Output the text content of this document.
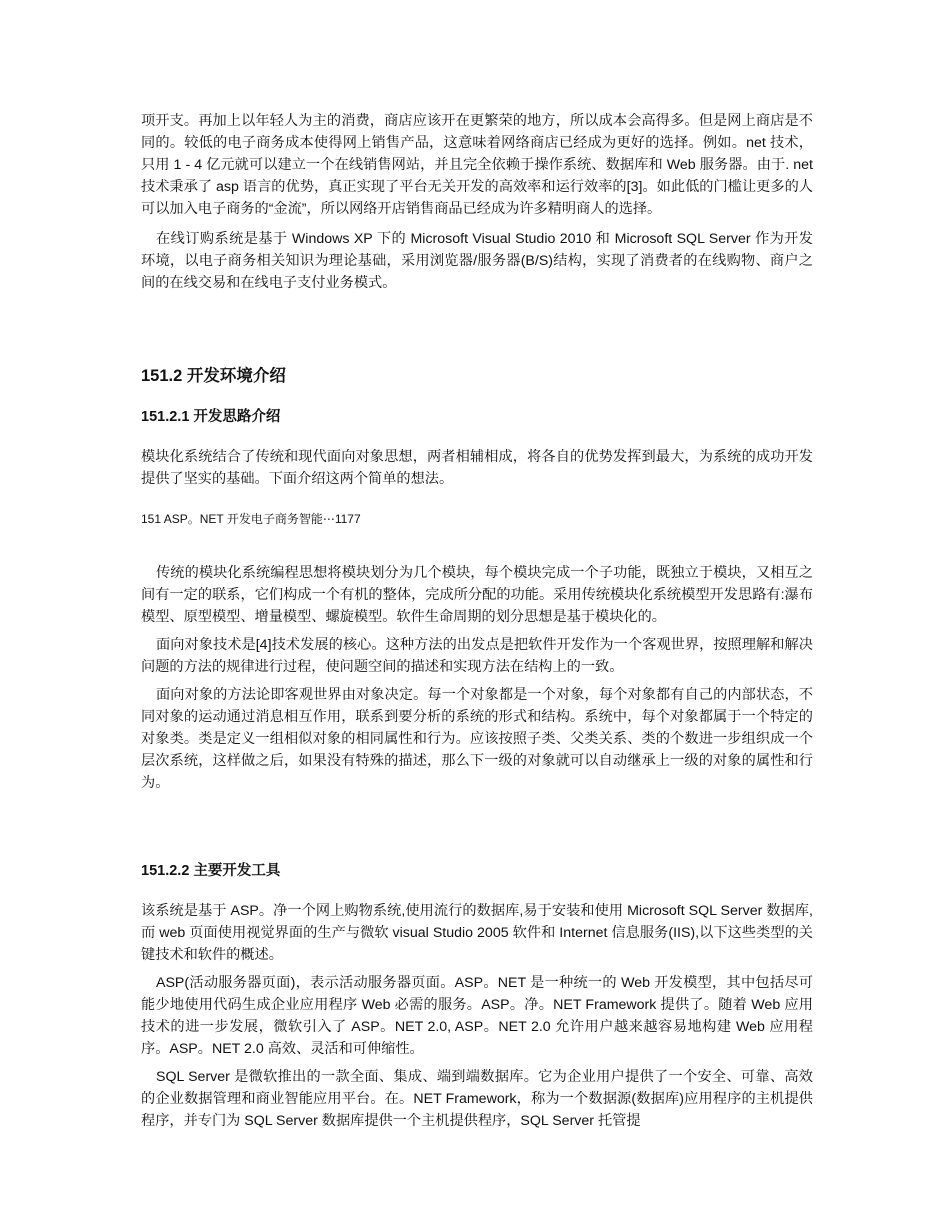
项开支。再加上以年轻人为主的消费，商店应该开在更繁荣的地方，所以成本会高得多。但是网上商店是不同的。较低的电子商务成本使得网上销售产品，这意味着网络商店已经成为更好的选择。例如。net 技术，只用 1 - 4 亿元就可以建立一个在线销售网站，并且完全依赖于操作系统、数据库和 Web 服务器。由于. net 技术秉承了 asp 语言的优势，真正实现了平台无关开发的高效率和运行效率的[3]。如此低的门槛让更多的人可以加入电子商务的“金流”，所以网络开店销售商品已经成为许多精明商人的选择。

在线订购系统是基于 Windows XP 下的 Microsoft Visual Studio 2010 和 Microsoft SQL Server 作为开发环境，以电子商务相关知识为理论基础，采用浏览器/服务器(B/S)结构，实现了消费者的在线购物、商户之间的在线交易和在线电子支付业务模式。

151.2 开发环境介绍
151.2.1 开发思路介绍

模块化系统结合了传统和现代面向对象思想，两者相辅相成，将各自的优势发挥到最大，为系统的成功开发提供了坚实的基础。下面介绍这两个简单的想法。

151 ASP。NET 开发电子商务智能⋯1177

传统的模块化系统编程思想将模块划分为几个模块，每个模块完成一个子功能，既独立于模块，又相互之间有一定的联系，它们构成一个有机的整体，完成所分配的功能。采用传统模块化系统模型开发思路有:瀑布模型、原型模型、增量模型、螺旋模型。软件生命周期的划分思想是基于模块化的。

面向对象技术是[4]技术发展的核心。这种方法的出发点是把软件开发作为一个客观世界，按照理解和解决问题的方法的规律进行过程，使问题空间的描述和实现方法在结构上的一致。

面向对象的方法论即客观世界由对象决定。每一个对象都是一个对象，每个对象都有自己的内部状态，不同对象的运动通过消息相互作用，联系到要分析的系统的形式和结构。系统中，每个对象都属于一个特定的对象类。类是定义一组相似对象的相同属性和行为。应该按照子类、父类关系、类的个数进一步组织成一个层次系统，这样做之后，如果没有特殊的描述，那么下一级的对象就可以自动继承上一级的对象的属性和行为。

151.2.2 主要开发工具

该系统是基于 ASP。净一个网上购物系统,使用流行的数据库,易于安装和使用 Microsoft SQL Server 数据库,而 web 页面使用视觉界面的生产与微软 visual Studio 2005 软件和 Internet 信息服务(IIS),以下这些类型的关键技术和软件的概述。

ASP(活动服务器页面)，表示活动服务器页面。ASP。NET 是一种统一的 Web 开发模型，其中包括尽可能少地使用代码生成企业应用程序 Web 必需的服务。ASP。净。NET Framework 提供了。随着 Web 应用技术的进一步发展，微软引入了 ASP。NET 2.0, ASP。NET 2.0 允许用户越来越容易地构建 Web 应用程序。ASP。NET 2.0 高效、灵活和可伸缩性。

SQL Server 是微软推出的一款全面、集成、端到端数据库。它为企业用户提供了一个安全、可靠、高效的企业数据管理和商业智能应用平台。在。NET Framework，称为一个数据源(数据库)应用程序的主机提供程序，并专门为 SQL Server 数据库提供一个主机提供程序，SQL Server 托管提
